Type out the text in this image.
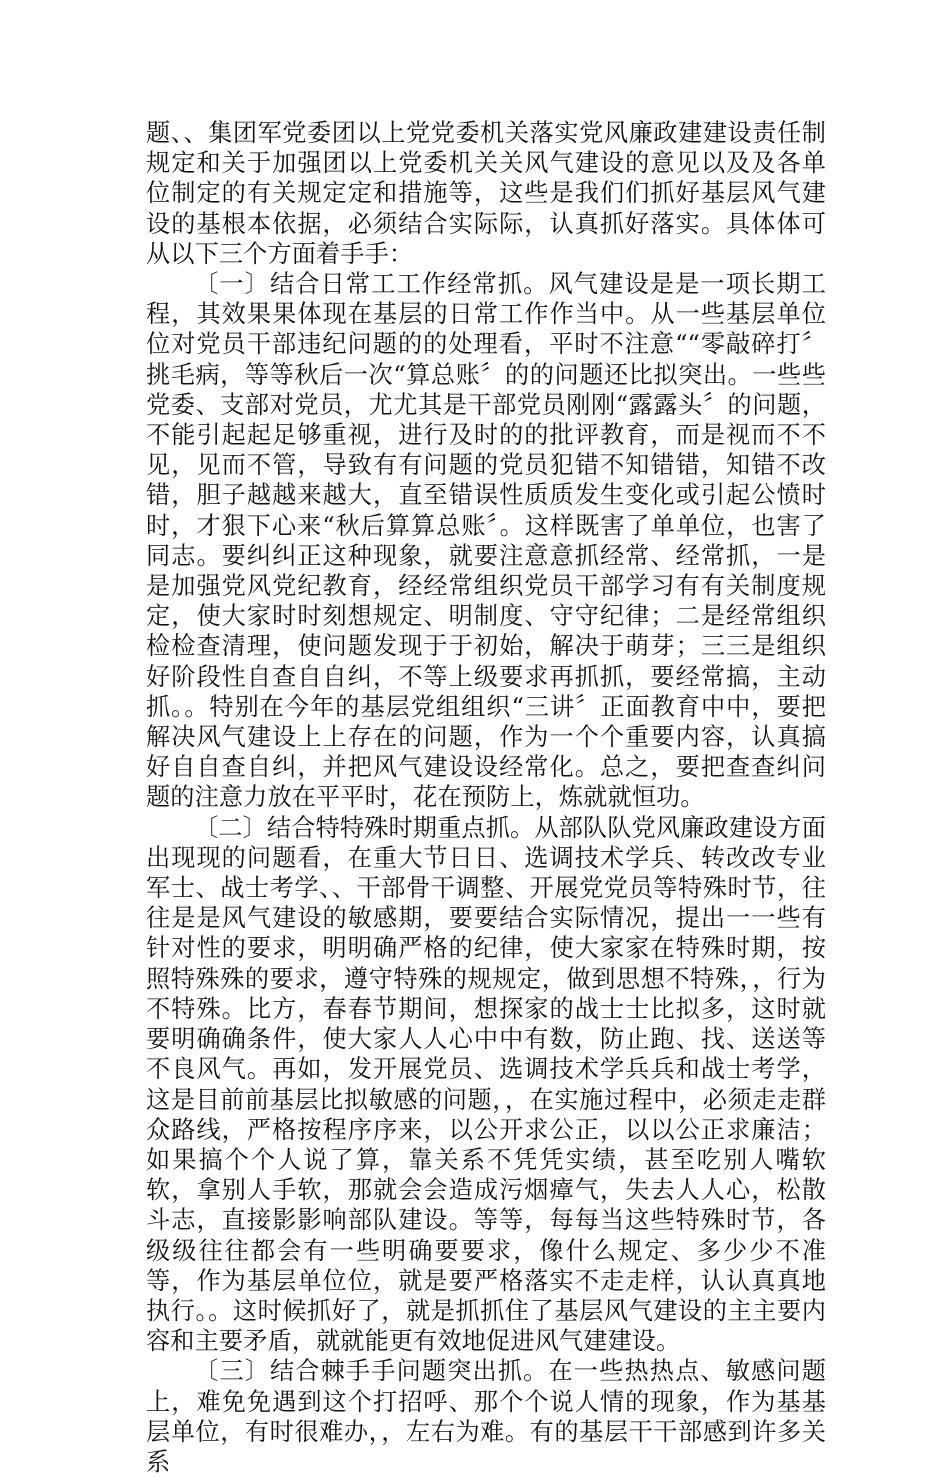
题、、集团军党委团以上党党委机关落实党风廉政建建设责任制规定和关于加强团以上党委机关关风气建设的意见以及及各单位制定的有关规定定和措施等，这些是我们们抓好基层风气建设的基根本依据，必须结合实际际，认真抓好落实。具体体可从以下三个方面着手手：

〔一〕结合日常工工作经常抓。风气建设是是一项长期工程，其效果果体现在基层的日常工作作当中。从一些基层单位位对党员干部违纪问题的的处理看，平时不注意““零敲碎打〞挑毛病，等等秋后一次“算总账〞的的问题还比拟突出。一些些党委、支部对党员，尤尤其是干部党员刚刚“露露头〞的问题，不能引起起足够重视，进行及时的的批评教育，而是视而不不见，见而不管，导致有有问题的党员犯错不知错错，知错不改错，胆子越越来越大，直至错误性质质发生变化或引起公愤时时，才狠下心来“秋后算算总账〞。这样既害了单单位，也害了同志。要纠纠正这种现象，就要注意意抓经常、经常抓，一是是加强党风党纪教育，经经常组织党员干部学习有有关制度规定，使大家时时刻想规定、明制度、守守纪律；二是经常组织检检查清理，使问题发现于于初始，解决于萌芽；三三是组织好阶段性自查自自纠，不等上级要求再抓抓，要经常搞，主动抓。。特别在今年的基层党组组织“三讲〞正面教育中中，要把解决风气建设上上存在的问题，作为一个个重要内容，认真搞好自自查自纠，并把风气建设设经常化。总之，要把查查纠问题的注意力放在平平时，花在预防上，炼就就恒功。

〔二〕结合特特殊时期重点抓。从部队队党风廉政建设方面出现现的问题看，在重大节日日、选调技术学兵、转改改专业军士、战士考学、、干部骨干调整、开展党党员等特殊时节，往往是是风气建设的敏感期，要要结合实际情况，提出一一些有针对性的要求，明明确严格的纪律，使大家家在特殊时期，按照特殊殊的要求，遵守特殊的规规定，做到思想不特殊，，行为不特殊。比方，春春节期间，想探家的战士士比拟多，这时就要明确确条件，使大家人人心中中有数，防止跑、找、送送等不良风气。再如，发开展党员、选调技术学兵兵和战士考学，这是目前前基层比拟敏感的问题，，在实施过程中，必须走走群众路线，严格按程序序来，以公开求公正，以以公正求廉洁；如果搞个个人说了算，靠关系不凭凭实绩，甚至吃别人嘴软软，拿别人手软，那就会会造成污烟瘴气，失去人人心，松散斗志，直接影影响部队建设。等等，每每当这些特殊时节，各级级往往都会有一些明确要要求，像什么规定、多少少不准等，作为基层单位位，就是要严格落实不走走样，认认真真地执行。。这时候抓好了，就是抓抓住了基层风气建设的主主要内容和主要矛盾，就就能更有效地促进风气建建设。

〔三〕结合棘手手问题突出抓。在一些热热点、敏感问题上，难免免遇到这个打招呼、那个个说人情的现象，作为基基层单位，有时很难办，，左右为难。有的基层干干部感到许多关系
